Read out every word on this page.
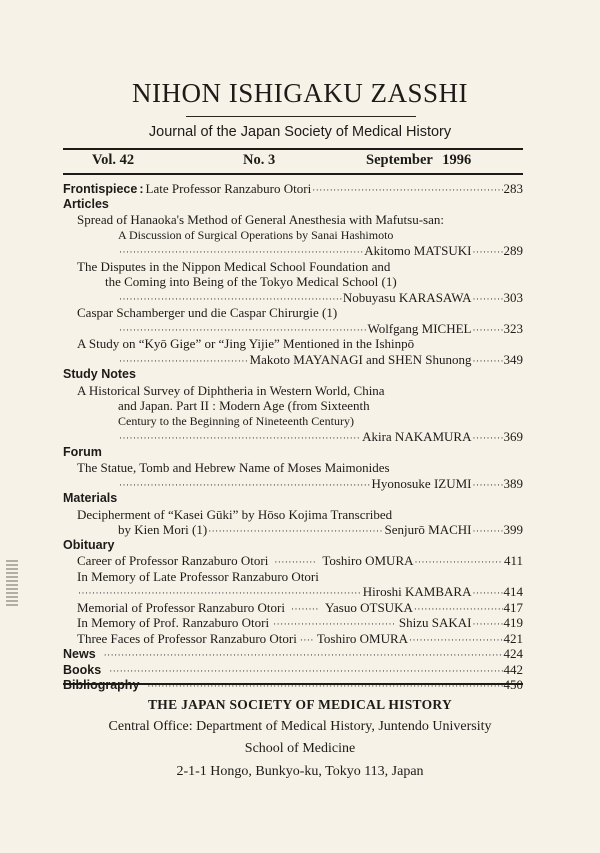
NIHON ISHIGAKU ZASSHI
Journal of the Japan Society of Medical History
Vol. 42	No. 3	September 1996
Frontispiece : Late Professor Ranzaburo Otori ·····	283
Articles
Spread of Hanaoka's Method of General Anesthesia with Mafutsu-san:
A Discussion of Surgical Operations by Sanai Hashimoto
·····
Akitomo MATSUKI ····· 289
The Disputes in the Nippon Medical School Foundation and
the Coming into Being of the Tokyo Medical School (1)
·····
Nobuyasu KARASAWA ····· 303
Caspar Schamberger und die Caspar Chirurgie (1)
·····
Wolfgang MICHEL ····· 323
A Study on “Kyō Gige” or “Jing Yijie” Mentioned in the Ishinpō
·····
Makoto MAYANAGI and SHEN Shunong ····· 349
Study Notes
A Historical Survey of Diphtheria in Western World, China
and Japan. Part II : Modern Age (from Sixteenth
Century to the Beginning of Nineteenth Century)
·····
Akira NAKAMURA ····· 369
Forum
The Statue, Tomb and Hebrew Name of Moses Maimonides
·····
Hyonosuke IZUMI ····· 389
Materials
Decipherment of “Kasei Gūki” by Hōso Kojima Transcribed
by Kien Mori (1) ·····	Senjurō MACHI ····· 399
Obituary
Career of Professor Ranzaburo Otori ·····	Toshiro OMURA ·····	411
In Memory of Late Professor Ranzaburo Otori
·····
Hiroshi KAMBARA ····· 414
Memorial of Professor Ranzaburo Otori ·····	Yasuo OTSUKA ·····	417
In Memory of Prof. Ranzaburo Otori ·····	Shizu SAKAI ····· 419
Three Faces of Professor Ranzaburo Otori ····· Toshiro OMURA ·····	421
News ·····	424
Books ·····	442
Bibliography ·····	450
THE JAPAN SOCIETY OF MEDICAL HISTORY
Central Office: Department of Medical History, Juntendo University
School of Medicine
2-1-1 Hongo, Bunkyo-ku, Tokyo 113, Japan
